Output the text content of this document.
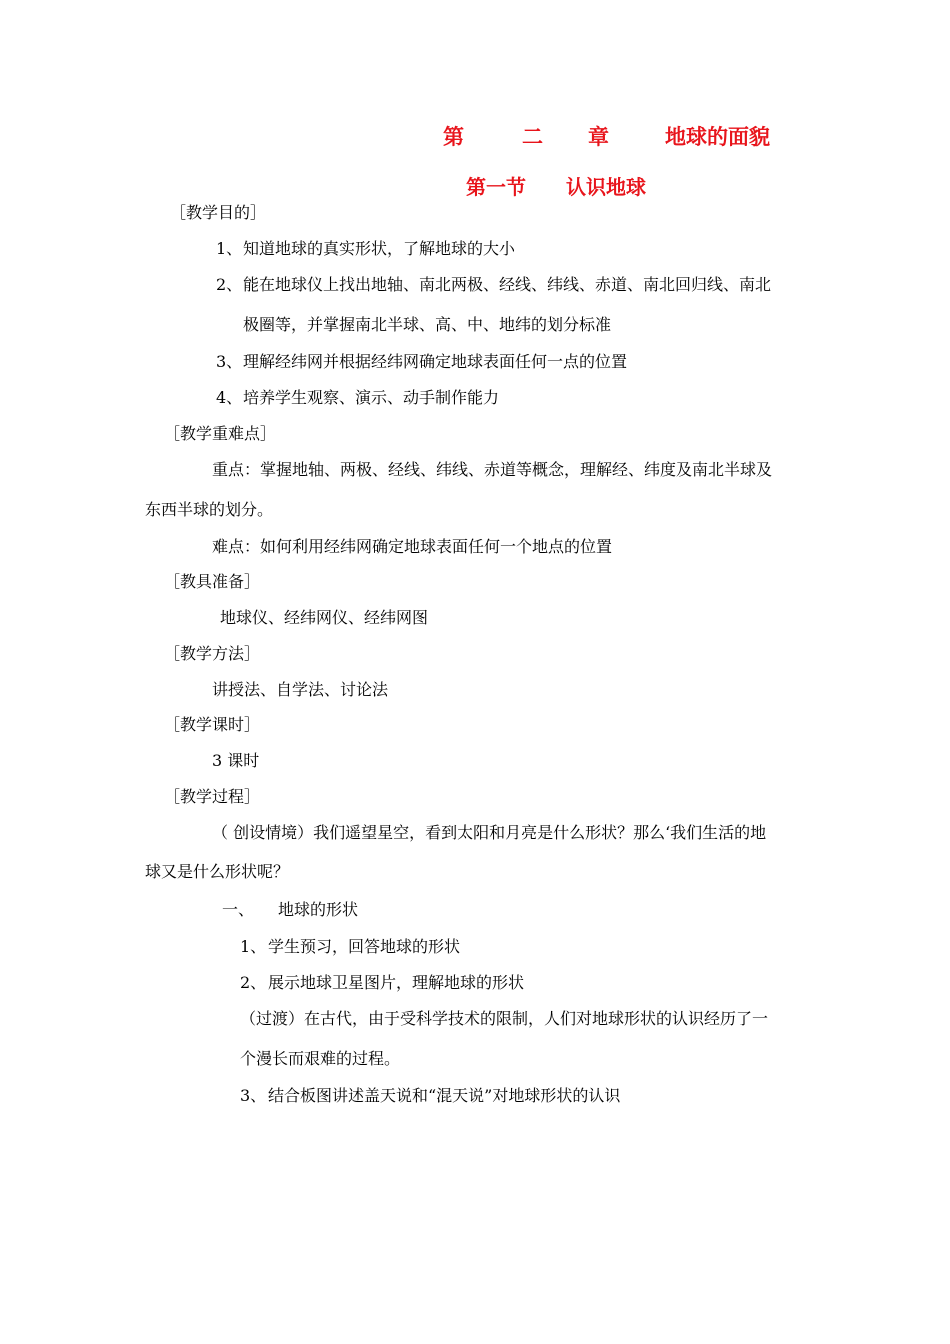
第	二 章	地球的面貌
第一节 认识地球
［教学目的］
1、 知道地球的真实形状，了解地球的大小
2、 能在地球仪上找出地轴、南北两极、经线、纬线、赤道、南北回归线、南北
极圈等，并掌握南北半球、高、中、地纬的划分标准
3、 理解经纬网并根据经纬网确定地球表面任何一点的位置
4、 培养学生观察、演示、动手制作能力
［教学重难点］
重点：掌握地轴、两极、经线、纬线、赤道等概念，理解经、纬度及南北半球及
东西半球的划分。
难点：如何利用经纬网确定地球表面任何一个地点的位置
［教具准备］
地球仪、经纬网仪、经纬网图
［教学方法］
讲授法、自学法、讨论法
［教学课时］
3 课时
［教学过程］
（ 创设情境）我们遥望星空，看到太阳和月亮是什么形状？那么‘我们生活的地
球又是什么形状呢？
一、 地球的形状
1、 学生预习，回答地球的形状
2、 展示地球卫星图片，理解地球的形状
（过渡）在古代，由于受科学技术的限制，人们对地球形状的认识经历了一
个漫长而艰难的过程。
3、 结合板图讲述盖天说和“混天说”对地球形状的认识
